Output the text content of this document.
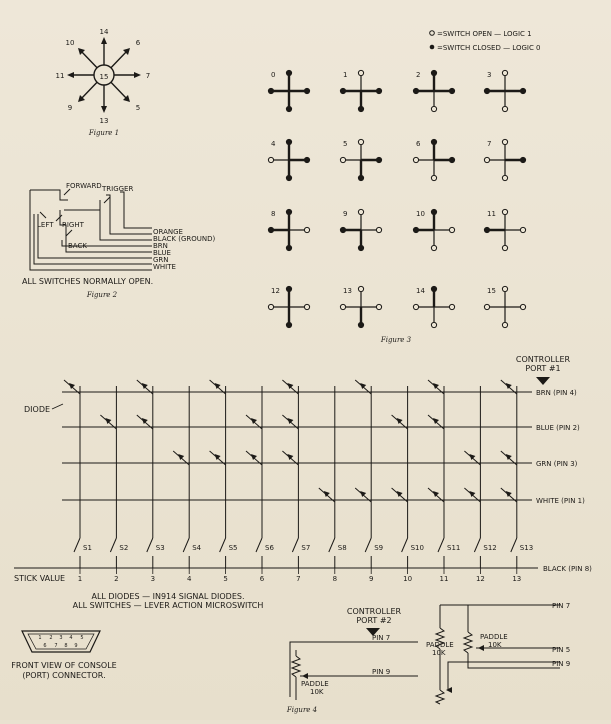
15
14
6
7
5
13
9
11
10
Figure 1
FORWARD TRIGGER
LEFT RIGHT
BACK
ORANGE
BLACK (GROUND)
BRN
BLUE
GRN
WHITE
ALL SWITCHES NORMALLY OPEN.
Figure 2
=SWITCH OPEN — LOGIC 1
=SWITCH CLOSED — LOGIC 0
0	1	2	3
4	5	6	7
8	9	10	11
12	13	14	15
Figure 3
CONTROLLER
PORT #1
BRN (PIN 4)
BLUE (PIN 2)
GRN (PIN 3)
WHITE (PIN 1)
S1
1
S2
2
S3
3
S4
4
S5
5
S6
6
S7
7
S8
8
S9
9
S10
10
S11
11
S12
12
S13
13
DIODE
STICK VALUE
BLACK (PIN 8)
ALL DIODES — IN914 SIGNAL DIODES.
ALL SWITCHES — LEVER ACTION MICROSWITCH
1 2 3 4 5
6 7 8 9
FRONT VIEW OF CONSOLE
(PORT) CONNECTOR.
CONTROLLER
PORT #2
PIN 7
PIN 9
PADDLE
10K
PIN 7
PIN 5
PIN 9
PADDLE
10K
PADDLE
10K
Figure 4
